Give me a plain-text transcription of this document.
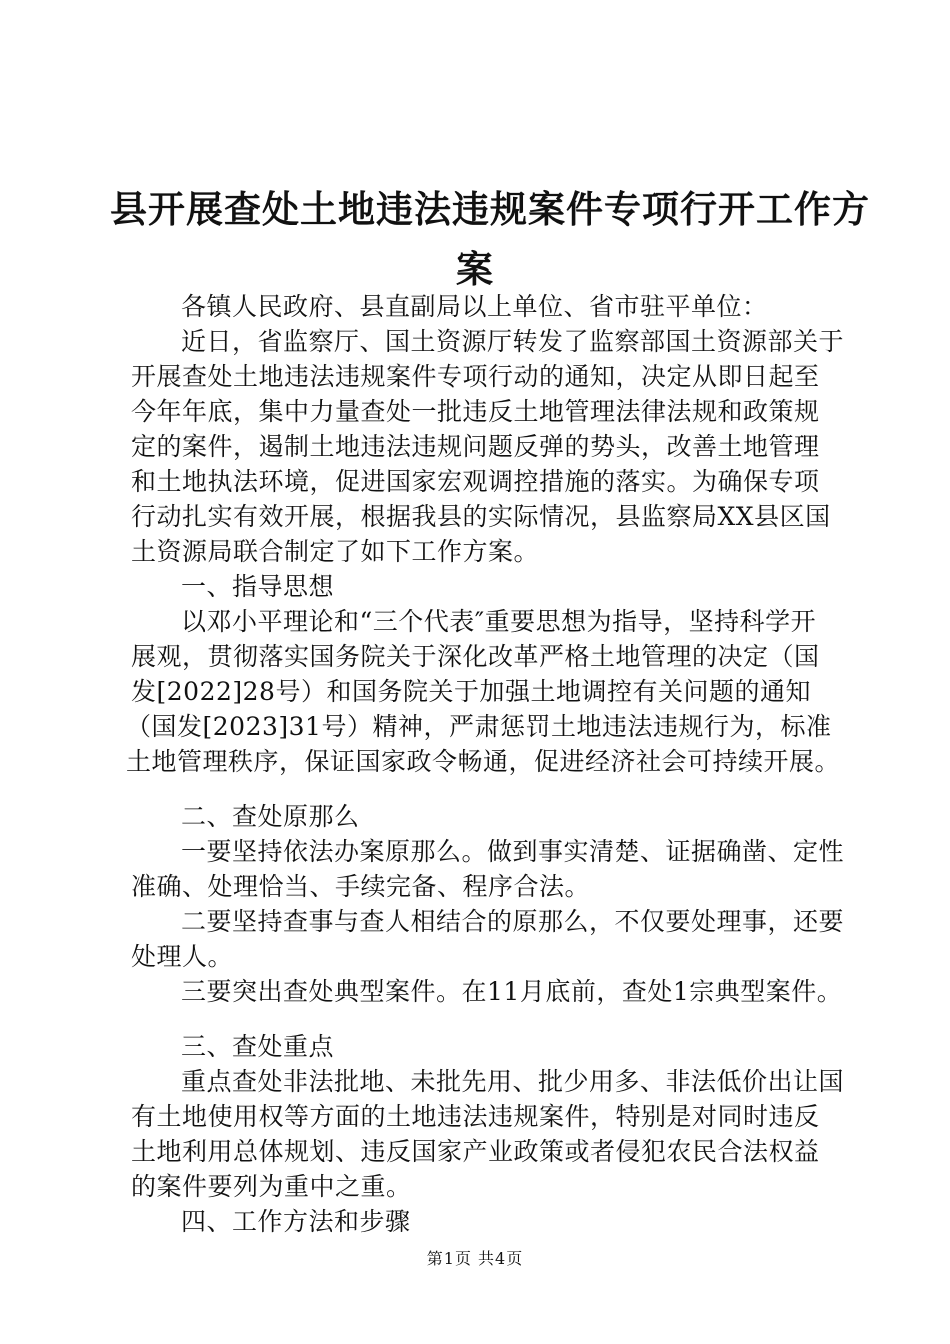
县开展查处土地违法违规案件专项行开工作方
案
各镇人民政府、县直副局以上单位、省市驻平单位：
近日，省监察厅、国土资源厅转发了监察部国土资源部关于
开展查处土地违法违规案件专项行动的通知，决定从即日起至
今年年底，集中力量查处一批违反土地管理法律法规和政策规
定的案件，遏制土地违法违规问题反弹的势头，改善土地管理
和土地执法环境，促进国家宏观调控措施的落实。为确保专项
行动扎实有效开展，根据我县的实际情况，县监察局XX县区国
土资源局联合制定了如下工作方案。
一、指导思想
以邓小平理论和“三个代表″重要思想为指导，坚持科学开
展观，贯彻落实国务院关于深化改革严格土地管理的决定（国
发[2022]28号）和国务院关于加强土地调控有关问题的通知
（国发[2023]31号）精神，严肃惩罚土地违法违规行为，标准
土地管理秩序，保证国家政令畅通，促进经济社会可持续开展。
二、查处原那么
一要坚持依法办案原那么。做到事实清楚、证据确凿、定性
准确、处理恰当、手续完备、程序合法。
二要坚持查事与查人相结合的原那么，不仅要处理事，还要
处理人。
三要突出查处典型案件。在11月底前，查处1宗典型案件。
三、查处重点
重点查处非法批地、未批先用、批少用多、非法低价出让国
有土地使用权等方面的土地违法违规案件，特别是对同时违反
土地利用总体规划、违反国家产业政策或者侵犯农民合法权益
的案件要列为重中之重。
四、工作方法和步骤
第1页 共4页
